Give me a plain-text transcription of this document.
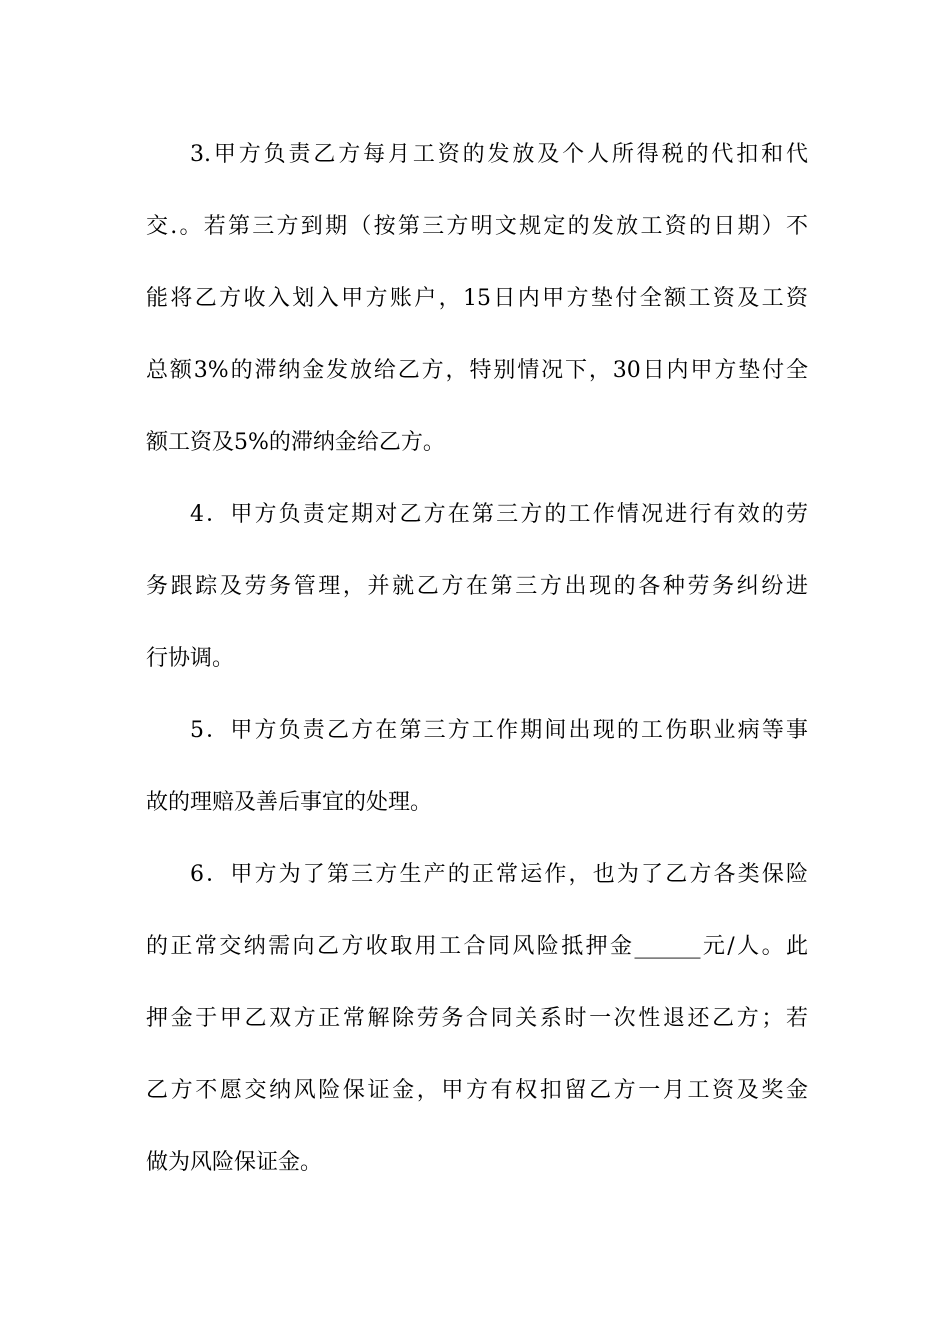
3.甲方负责乙方每月工资的发放及个人所得税的代扣和代
交.。若第三方到期（按第三方明文规定的发放工资的日期）不
能将乙方收入划入甲方账户，15日内甲方垫付全额工资及工资
总额3%的滞纳金发放给乙方，特别情况下，30日内甲方垫付全
额工资及5%的滞纳金给乙方。
4．甲方负责定期对乙方在第三方的工作情况进行有效的劳
务跟踪及劳务管理，并就乙方在第三方出现的各种劳务纠纷进
行协调。
5．甲方负责乙方在第三方工作期间出现的工伤职业病等事
故的理赔及善后事宜的处理。
6．甲方为了第三方生产的正常运作，也为了乙方各类保险
的正常交纳需向乙方收取用工合同风险抵押金______元/人。此
押金于甲乙双方正常解除劳务合同关系时一次性退还乙方；若
乙方不愿交纳风险保证金，甲方有权扣留乙方一月工资及奖金
做为风险保证金。
